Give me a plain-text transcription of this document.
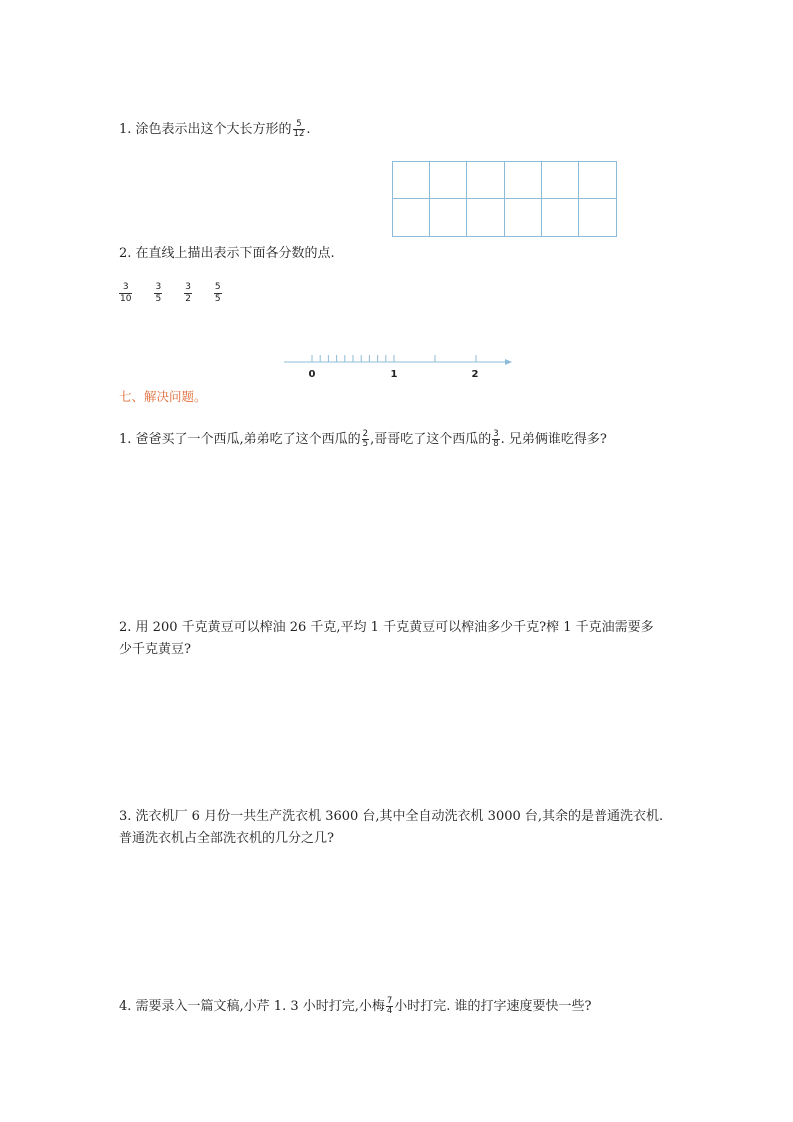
1. 涂色表示出这个大长方形的 $\frac{5}{12}$ .
2. 在直线上描出表示下面各分数的点.
$\frac{3}{10} \frac{3}{5} \frac{3}{2} \frac{5}{5}$
0	1	2
七、解决问题。
1. 爸爸买了一个西瓜,弟弟吃了这个西瓜的 $\frac{2}{5}$ ,哥哥吃了这个西瓜的 $\frac{3}{8}$ . 兄弟俩谁吃得多?
2. 用 200 千克黄豆可以榨油 26 千克,平均 1 千克黄豆可以榨油多少千克?榨 1 千克油需要多
少千克黄豆?
3. 洗衣机厂 6 月份一共生产洗衣机 3600 台,其中全自动洗衣机 3000 台,其余的是普通洗衣机.
普通洗衣机占全部洗衣机的几分之几?
4. 需要录入一篇文稿,小芹 1. 3 小时打完,小梅 $\frac{7}{4}$ 小时打完. 谁的打字速度要快一些?
